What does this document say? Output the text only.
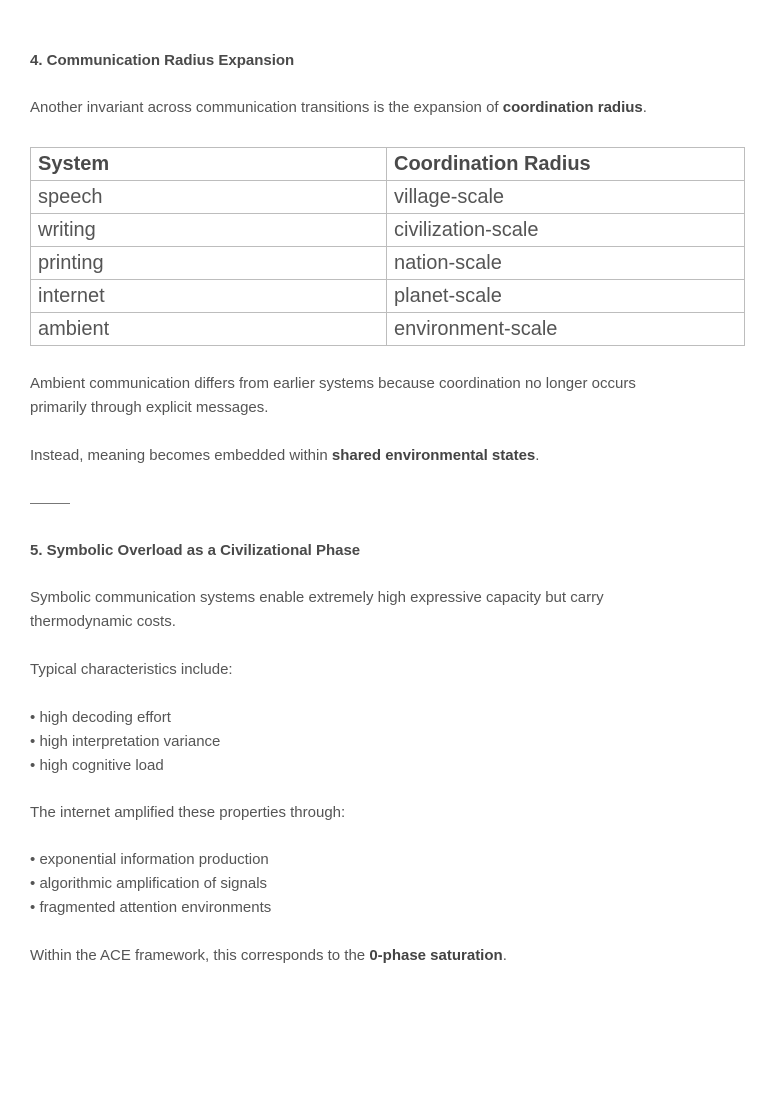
4. Communication Radius Expansion
Another invariant across communication transitions is the expansion of coordination radius.
System	Coordination Radius
speech	village-scale
writing	civilization-scale
printing	nation-scale
internet	planet-scale
ambient	environment-scale
Ambient communication differs from earlier systems because coordination no longer occurs
primarily through explicit messages.
Instead, meaning becomes embedded within shared environmental states.
5. Symbolic Overload as a Civilizational Phase
Symbolic communication systems enable extremely high expressive capacity but carry
thermodynamic costs.
Typical characteristics include:
• high decoding effort
• high interpretation variance
• high cognitive load
The internet amplified these properties through:
• exponential information production
• algorithmic amplification of signals
• fragmented attention environments
Within the ACE framework, this corresponds to the 0-phase saturation.
